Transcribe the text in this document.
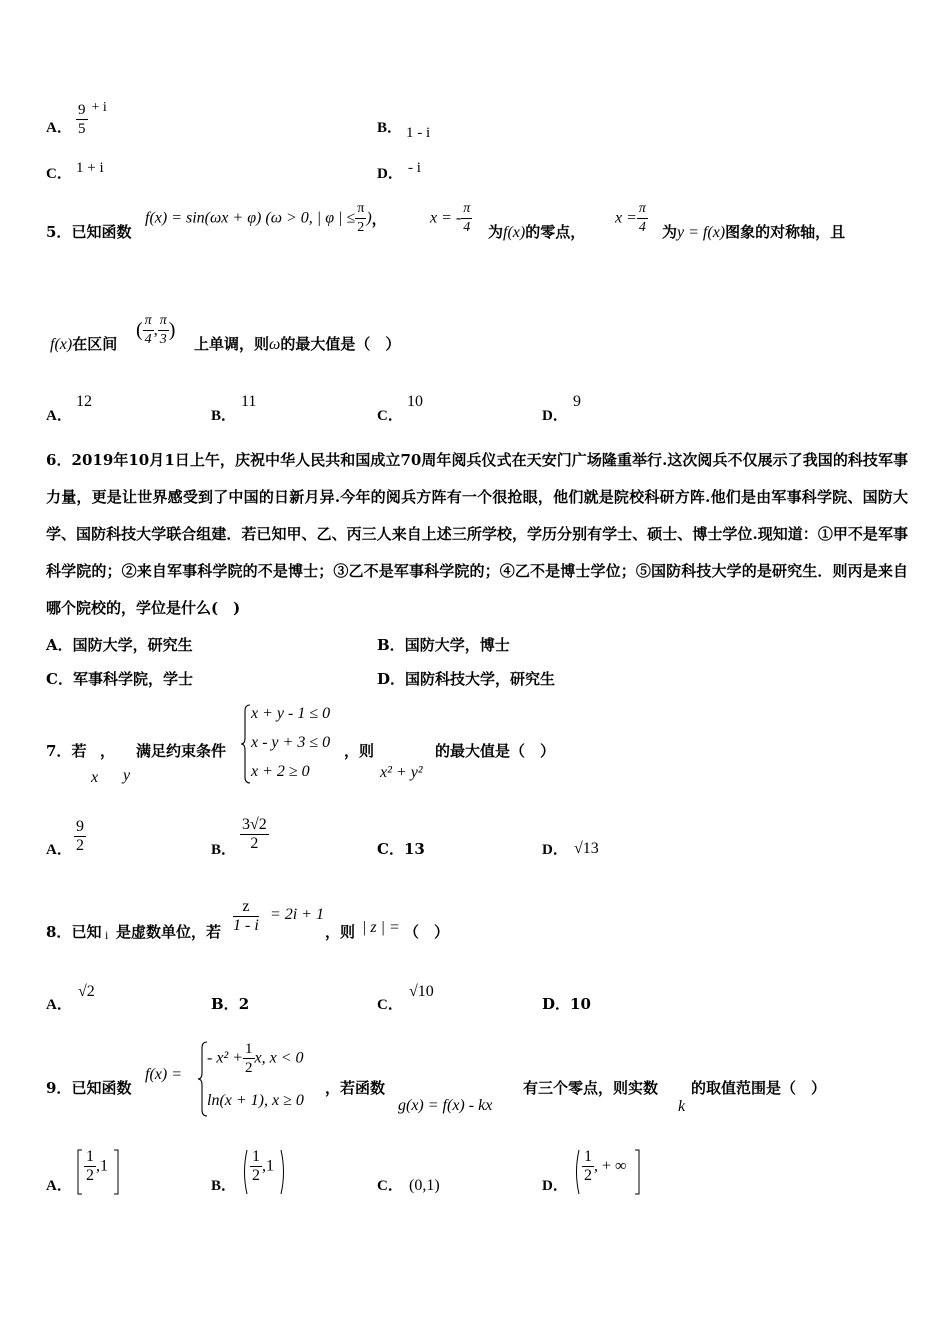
A． $\frac{9}{5} + i$
B． 1 - i
C． 1 + i	D． - i
5．已知函数
f(x) = sin(ωx + φ) (ω > 0, | φ | ≤ $\frac{\pi}{2}$ )，	x = - $\frac{\pi}{4}$ 为f(x)的零点，
$x = \frac{\pi}{4}$ 为y = f(x)图象的对称轴，且
f(x)在区间
( $\frac{\pi}{4}$ , $\frac{\pi}{3}$ )
上单调，则ω的最大值是（　）
A．
12
B．
11
C．
10
D．
9
6．2019年10月1日上午，庆祝中华人民共和国成立70周年阅兵仪式在天安门广场隆重举行.这次阅兵不仅展示了我国的科技军事力量，更是让世界感受到了中国的日新月异.今年的阅兵方阵有一个很抢眼，他们就是院校科研方阵.他们是由军事科学院、国防大学、国防科技大学联合组建．若已知甲、乙、丙三人来自上述三所学校，学历分别有学士、硕士、博士学位.现知道：①甲不是军事科学院的；②来自军事科学院的不是博士；③乙不是军事科学院的；④乙不是博士学位；⑤国防科技大学的是研究生．则丙是来自哪个院校的，学位是什么(　)
A．国防大学，研究生	B．国防大学，博士
C．军事科学院，学士	D．国防科技大学，研究生
7．若 ， 满足约束条件
x y
x + y - 1 ≤ 0
x - y + 3 ≤ 0
x + 2 ≥ 0
，则
x² + y²
的最大值是（　）
A． $\frac{9}{2}$	B． $\frac{3√2}{2}$	C．13	D． √13
8．已知 i 是虚数单位，若 $\frac{z}{1 - i} = 2i + 1$
，则 | z | = （　）
A．
√2
B．2	C．
√10
D．10
9．已知函数
f(x) =
- $x^2 + \frac{1}{2} x$, x < 0
ln(x + 1), x ≥ 0
，若函数
g(x) = f(x) - kx
有三个零点，则实数
k
的取值范围是（　）
A．
$\frac{1}{2} ,1$
B．
$\frac{1}{2} ,1$
C． (0,1)	D．
$\frac{1}{2}$ , + ∞
